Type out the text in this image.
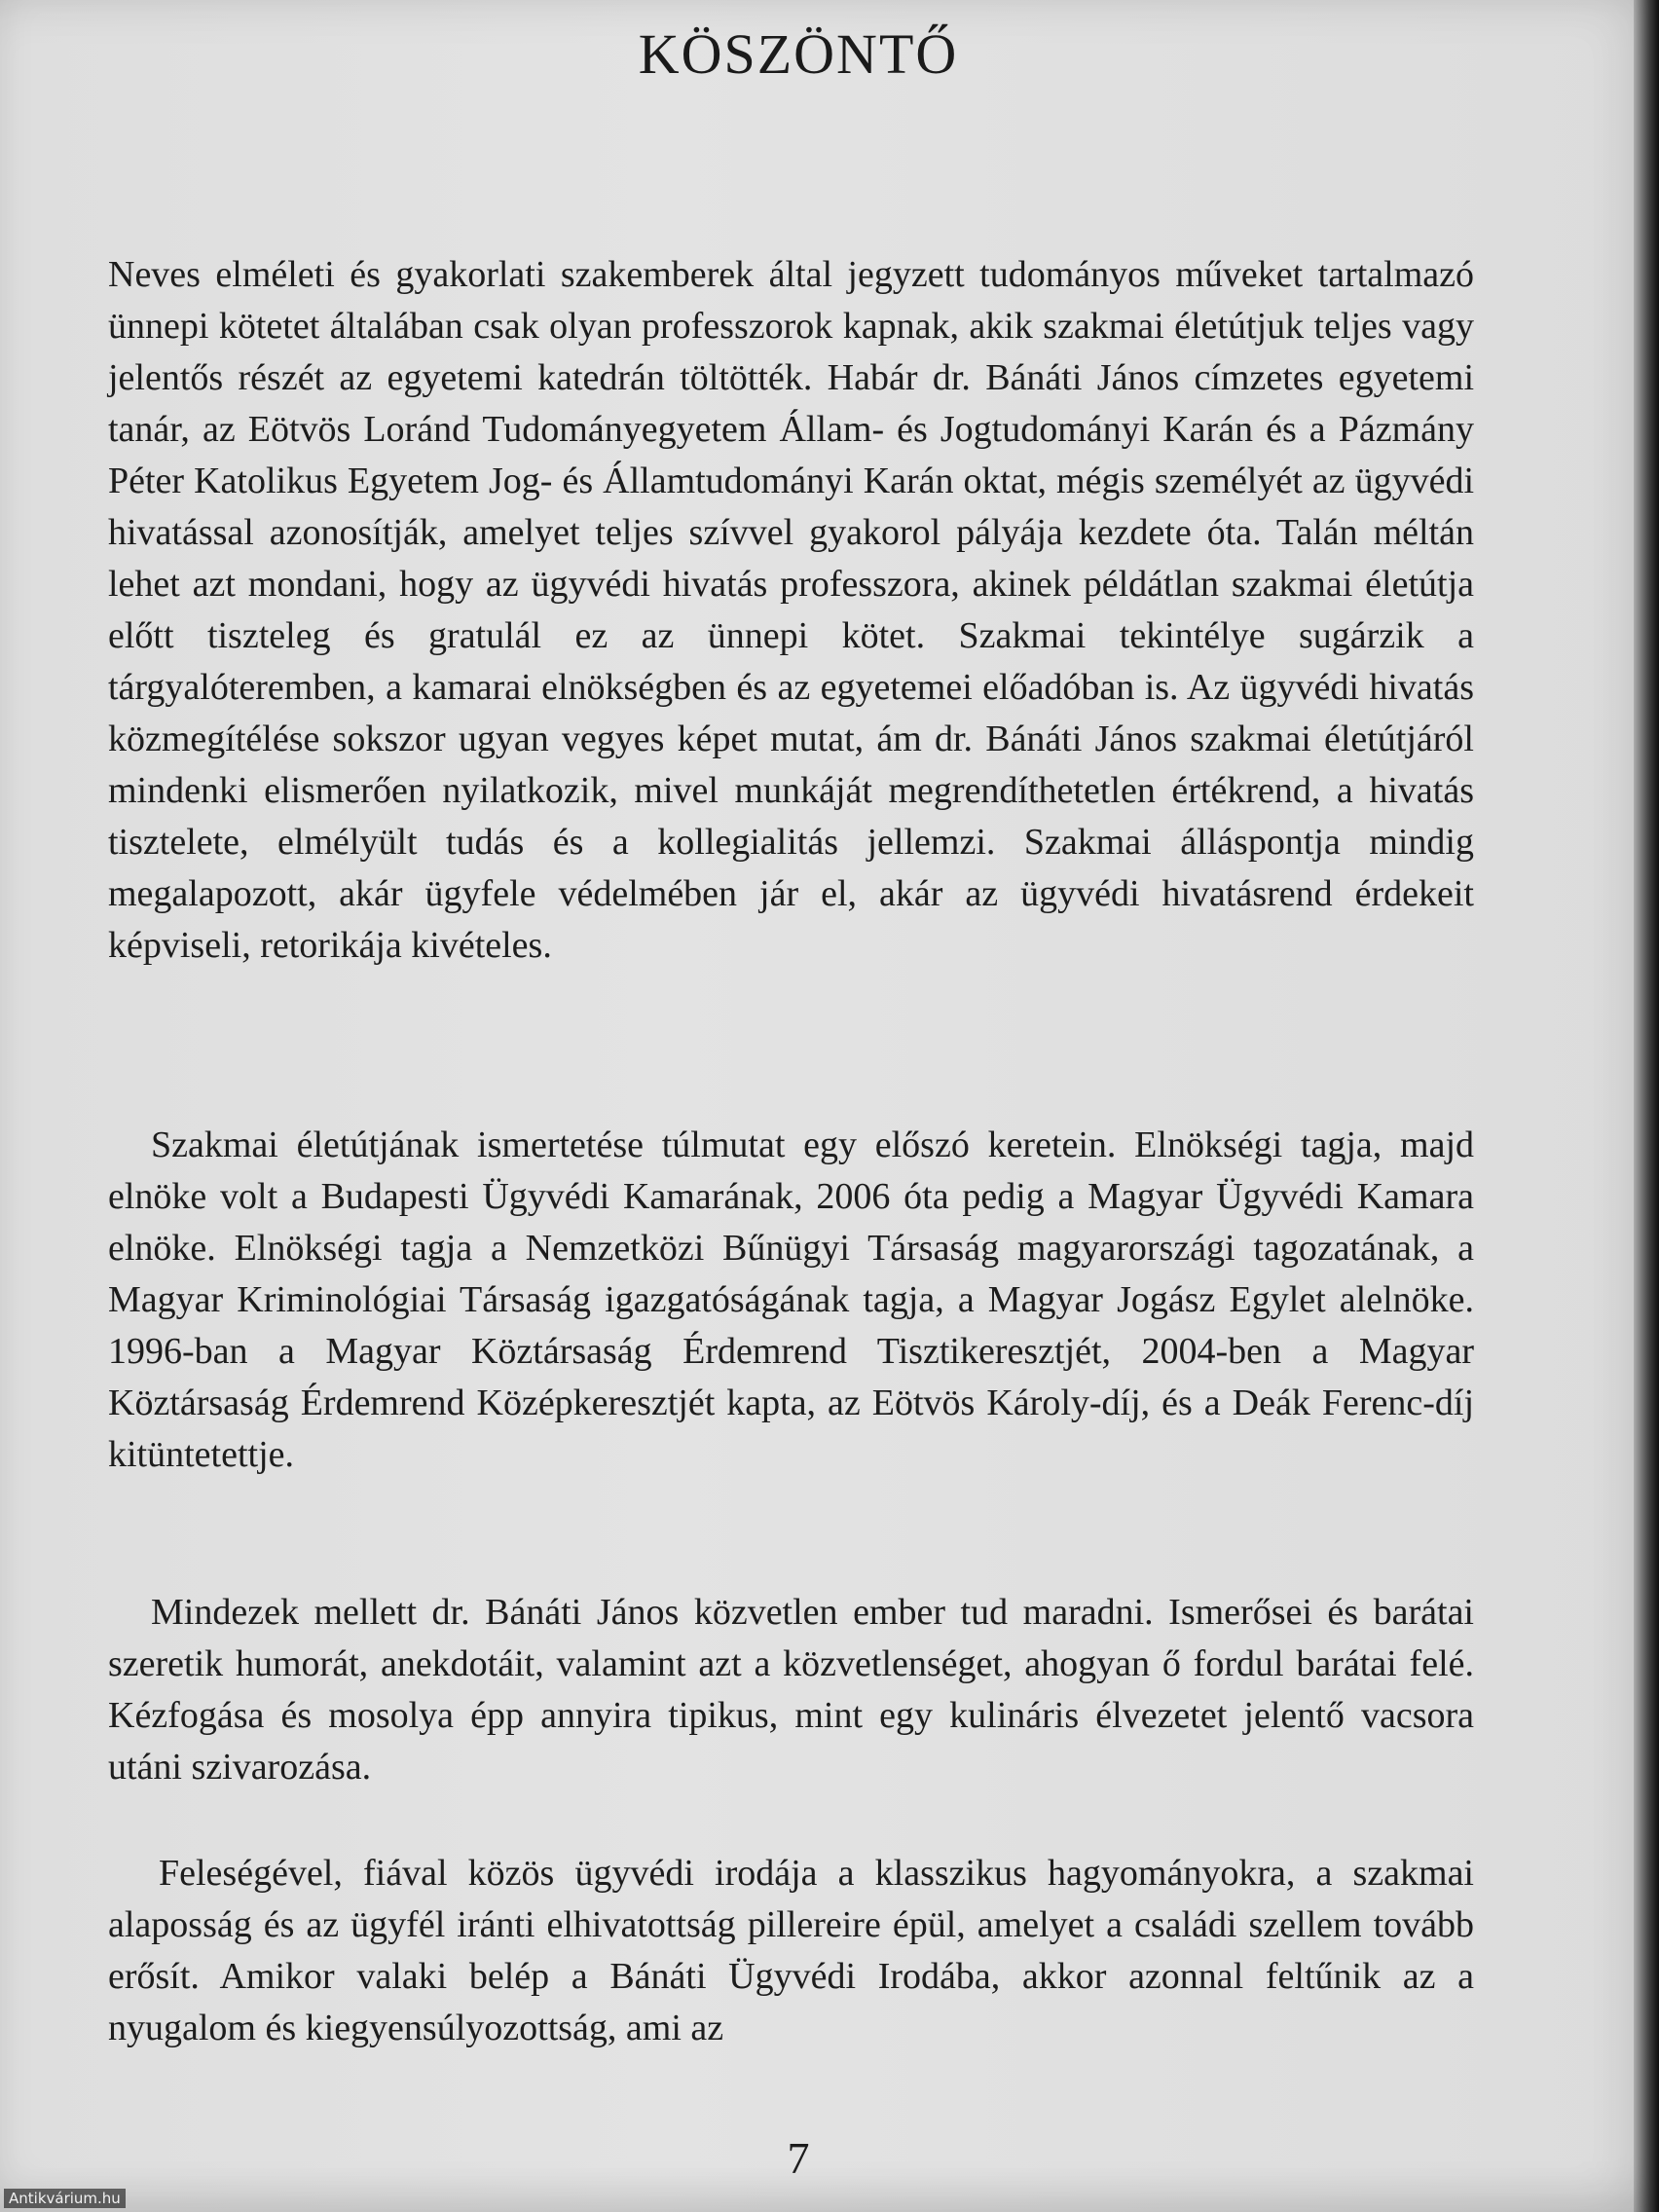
KÖSZÖNTŐ

Neves elméleti és gyakorlati szakemberek által jegyzett tudományos műveket tartalmazó ünnepi kötetet általában csak olyan professzorok kapnak, akik szakmai életútjuk teljes vagy jelentős részét az egyetemi katedrán töltötték. Habár dr. Bánáti János címzetes egyetemi tanár, az Eötvös Loránd Tudományegyetem Állam- és Jogtudományi Karán és a Pázmány Péter Katolikus Egyetem Jog- és Államtudományi Karán oktat, mégis személyét az ügyvédi hivatással azonosítják, amelyet teljes szívvel gyakorol pályája kezdete óta. Talán méltán lehet azt mondani, hogy az ügyvédi hivatás professzora, akinek példátlan szakmai életútja előtt tiszteleg és gratulál ez az ünnepi kötet. Szakmai tekintélye sugárzik a tárgyalóteremben, a kamarai elnökségben és az egyetemei előadóban is. Az ügyvédi hivatás közmegítélése sokszor ugyan vegyes képet mutat, ám dr. Bánáti János szakmai életútjáról mindenki elismerően nyilatkozik, mivel munkáját megrendíthetetlen értékrend, a hivatás tisztelete, elmélyült tudás és a kollegialitás jellemzi. Szakmai álláspontja mindig megalapozott, akár ügyfele védelmében jár el, akár az ügyvédi hivatásrend érdekeit képviseli, retorikája kivételes.

Szakmai életútjának ismertetése túlmutat egy előszó keretein. Elnökségi tagja, majd elnöke volt a Budapesti Ügyvédi Kamarának, 2006 óta pedig a Magyar Ügyvédi Kamara elnöke. Elnökségi tagja a Nemzetközi Bűnügyi Társaság magyarországi tagozatának, a Magyar Kriminológiai Társaság igazgatóságának tagja, a Magyar Jogász Egylet alelnöke. 1996-ban a Magyar Köztársaság Érdemrend Tisztikeresztjét, 2004-ben a Magyar Köztársaság Érdemrend Középkeresztjét kapta, az Eötvös Károly-díj, és a Deák Ferenc-díj kitüntetettje.

Mindezek mellett dr. Bánáti János közvetlen ember tud maradni. Ismerősei és barátai szeretik humorát, anekdotáit, valamint azt a közvetlenséget, ahogyan ő fordul barátai felé. Kézfogása és mosolya épp annyira tipikus, mint egy kulináris élvezetet jelentő vacsora utáni szivarozása.

Feleségével, fiával közös ügyvédi irodája a klasszikus hagyományokra, a szakmai alaposság és az ügyfél iránti elhivatottság pillereire épül, amelyet a családi szellem tovább erősít. Amikor valaki belép a Bánáti Ügyvédi Irodába, akkor azonnal feltűnik az a nyugalom és kiegyensúlyozottság, ami az

7

Antikvárium.hu
